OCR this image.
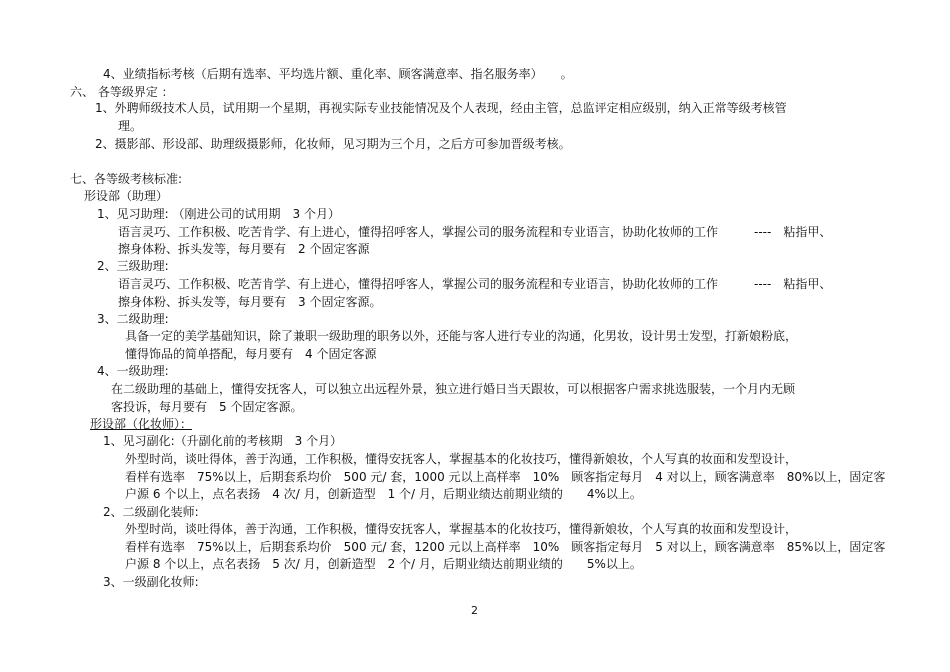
4、业绩指标考核（后期有选率、平均选片额、重化率、顾客满意率、指名服务率）　　。
六、 各等级界定 ：
1、外聘师级技术人员，试用期一个星期，再视实际专业技能情况及个人表现，经由主管，总监评定相应级别，纳入正常等级考核管
理。
2、摄影部、形设部、助理级摄影师，化妆师，见习期为三个月，之后方可参加晋级考核。
七、各等级考核标准:
形设部（助理）
1、见习助理: （刚进公司的试用期　3 个月）
语言灵巧、工作积极、吃苦肯学、有上进心，懂得招呼客人，掌握公司的服务流程和专业语言，协助化妆师的工作　　　----　粘指甲、
擦身体粉、拆头发等，每月要有　2 个固定客源
2、三级助理:
语言灵巧、工作积极、吃苦肯学、有上进心，懂得招呼客人，掌握公司的服务流程和专业语言，协助化妆师的工作　　　----　粘指甲、
擦身体粉、拆头发等，每月要有　3 个固定客源。
3、二级助理:
具备一定的美学基础知识，除了兼职一级助理的职务以外，还能与客人进行专业的沟通，化男妆，设计男士发型，打新娘粉底，
懂得饰品的简单搭配，每月要有　4 个固定客源
4、一级助理:
在二级助理的基础上，懂得安抚客人，可以独立出远程外景，独立进行婚日当天跟妆，可以根据客户需求挑选服装，一个月内无顾
客投诉，每月要有　5 个固定客源。
形设部（化妆师）：
1、见习副化:（升副化前的考核期　3 个月）
外型时尚，谈吐得体，善于沟通，工作积极，懂得安抚客人，掌握基本的化妆技巧，懂得新娘妆，个人写真的妆面和发型设计，
看样有选率　75%以上，后期套系均价　500 元/ 套，1000 元以上高样率　10%　顾客指定每月　4 对以上，顾客满意率　80%以上，固定客
户源 6 个以上，点名表扬　4 次/ 月，创新造型　1 个/ 月，后期业绩达前期业绩的　　4%以上。
2、二级副化装师:
外型时尚，谈吐得体，善于沟通，工作积极，懂得安抚客人，掌握基本的化妆技巧，懂得新娘妆，个人写真的妆面和发型设计，
看样有选率　75%以上，后期套系均价　500 元/ 套，1200 元以上高样率　10%　顾客指定每月　5 对以上，顾客满意率　85%以上，固定客
户源 8 个以上，点名表扬　5 次/ 月，创新造型　2 个/ 月，后期业绩达前期业绩的　　5%以上。
3、一级副化妆师:
2
